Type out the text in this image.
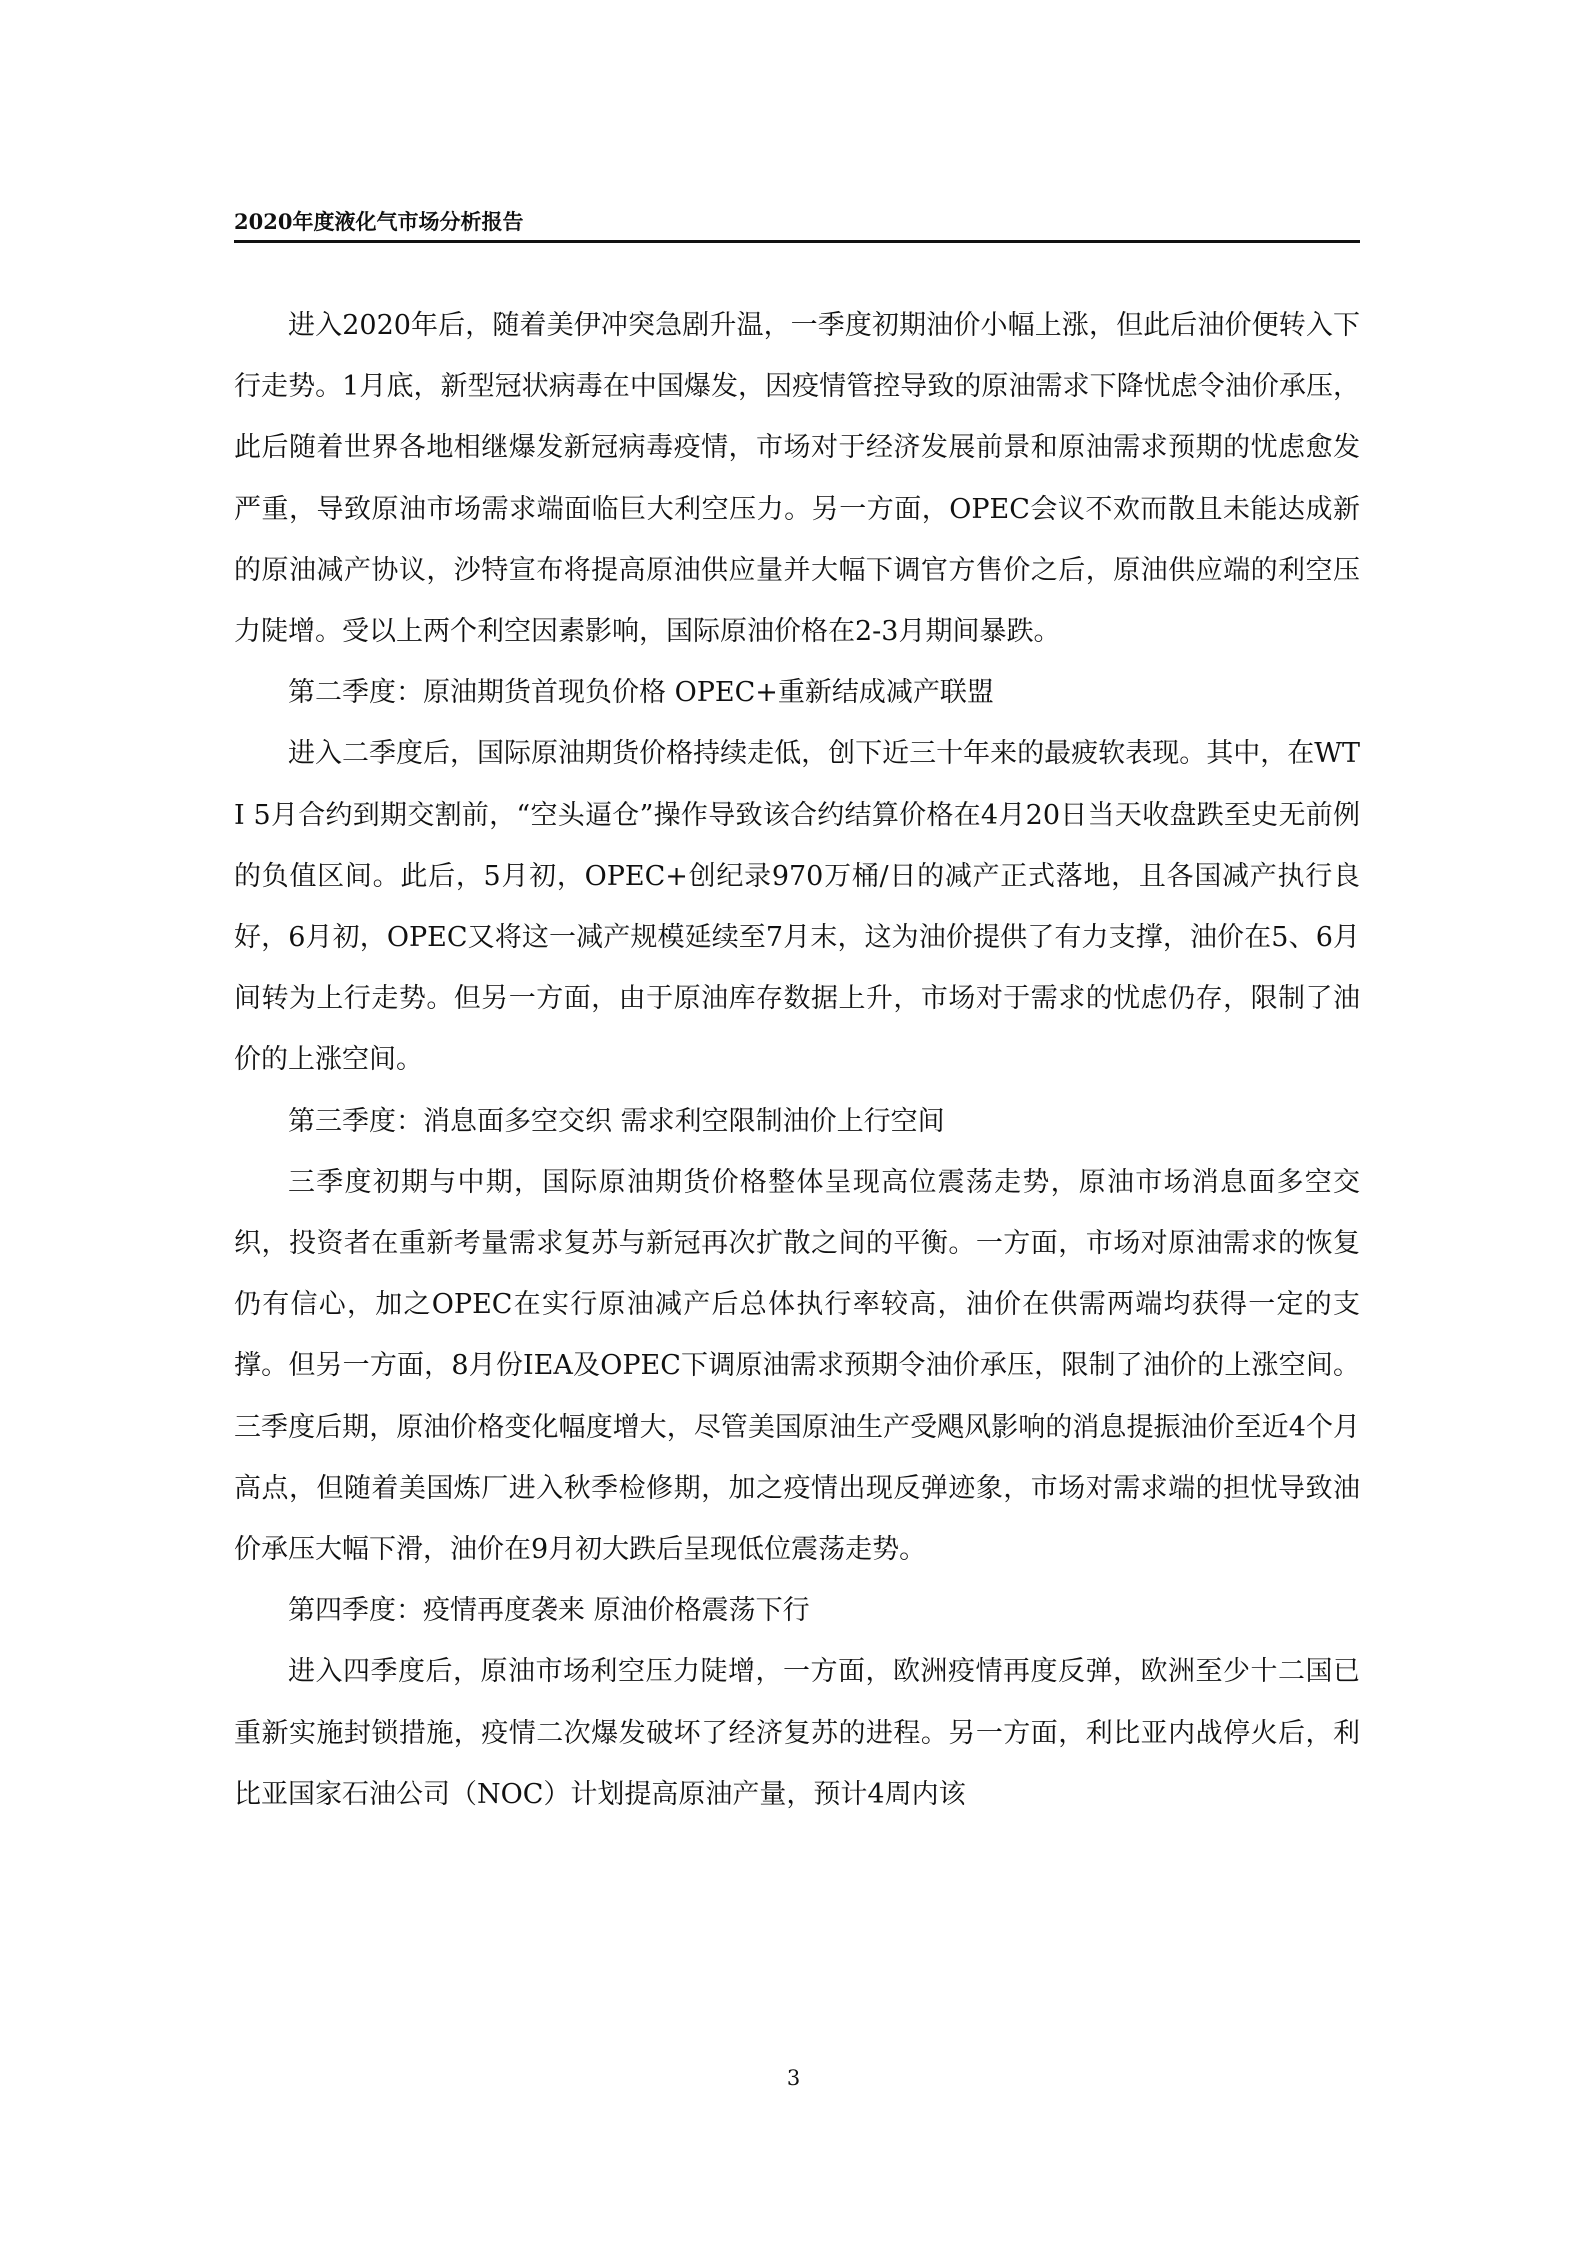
2020年度液化气市场分析报告

进入2020年后，随着美伊冲突急剧升温，一季度初期油价小幅上涨，但此后油价便转入下行走势。1月底，新型冠状病毒在中国爆发，因疫情管控导致的原油需求下降忧虑令油价承压，此后随着世界各地相继爆发新冠病毒疫情，市场对于经济发展前景和原油需求预期的忧虑愈发严重，导致原油市场需求端面临巨大利空压力。另一方面，OPEC会议不欢而散且未能达成新的原油减产协议，沙特宣布将提高原油供应量并大幅下调官方售价之后，原油供应端的利空压力陡增。受以上两个利空因素影响，国际原油价格在2-3月期间暴跌。

第二季度：原油期货首现负价格 OPEC+重新结成减产联盟

进入二季度后，国际原油期货价格持续走低，创下近三十年来的最疲软表现。其中，在WTI 5月合约到期交割前，“空头逼仓”操作导致该合约结算价格在4月20日当天收盘跌至史无前例的负值区间。此后，5月初，OPEC+创纪录970万桶/日的减产正式落地，且各国减产执行良好，6月初，OPEC又将这一减产规模延续至7月末，这为油价提供了有力支撑，油价在5、6月间转为上行走势。但另一方面，由于原油库存数据上升，市场对于需求的忧虑仍存，限制了油价的上涨空间。

第三季度：消息面多空交织 需求利空限制油价上行空间

三季度初期与中期，国际原油期货价格整体呈现高位震荡走势，原油市场消息面多空交织，投资者在重新考量需求复苏与新冠再次扩散之间的平衡。一方面，市场对原油需求的恢复仍有信心，加之OPEC在实行原油减产后总体执行率较高，油价在供需两端均获得一定的支撑。但另一方面，8月份IEA及OPEC下调原油需求预期令油价承压，限制了油价的上涨空间。三季度后期，原油价格变化幅度增大，尽管美国原油生产受飓风影响的消息提振油价至近4个月高点，但随着美国炼厂进入秋季检修期，加之疫情出现反弹迹象，市场对需求端的担忧导致油价承压大幅下滑，油价在9月初大跌后呈现低位震荡走势。

第四季度：疫情再度袭来 原油价格震荡下行

进入四季度后，原油市场利空压力陡增，一方面，欧洲疫情再度反弹，欧洲至少十二国已重新实施封锁措施，疫情二次爆发破坏了经济复苏的进程。另一方面，利比亚内战停火后，利比亚国家石油公司（NOC）计划提高原油产量，预计4周内该

3
